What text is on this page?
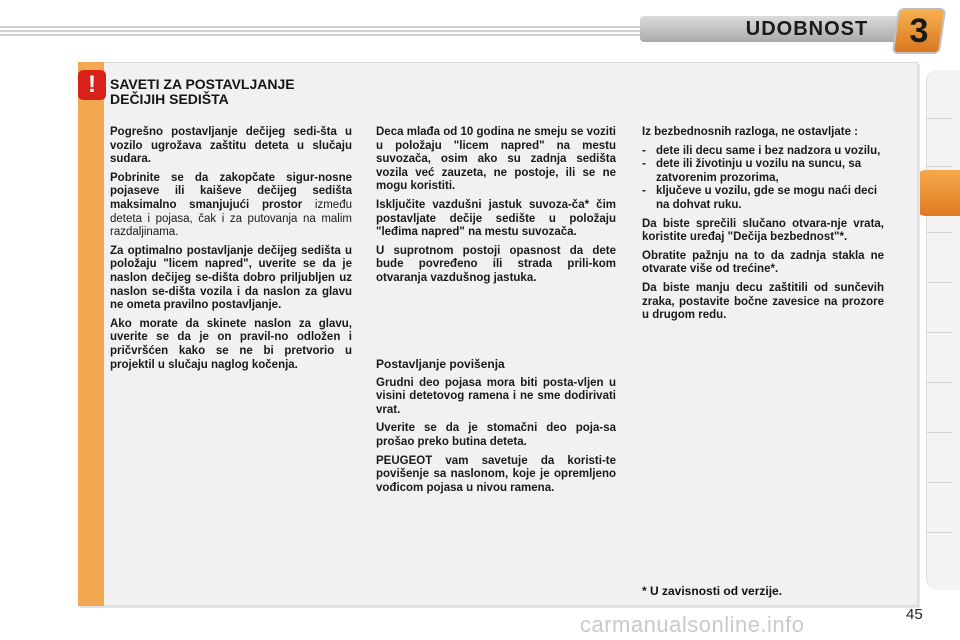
UDOBNOST	3
!	SAVETI ZA POSTAVLJANJE
DEČIJIH SEDIŠTA

Pogrešno postavljanje dečijeg sedi-šta u vozilo ugrožava zaštitu deteta u slučaju sudara.

Pobrinite se da zakopčate sigur-nosne pojaseve ili kaiševe dečijeg sedišta maksimalno smanjujući prostor između deteta i pojasa, čak i za putovanja na malim razdaljinama.

Za optimalno postavljanje dečijeg sedišta u položaju "licem napred", uverite se da je naslon dečijeg se-dišta dobro priljubljen uz naslon se-dišta vozila i da naslon za glavu ne ometa pravilno postavljanje.

Ako morate da skinete naslon za glavu, uverite se da je on pravil-no odložen i pričvršćen kako se ne bi pretvorio u projektil u slučaju naglog kočenja.

Deca mlađa od 10 godina ne smeju se voziti u položaju "licem napred" na mestu suvozača, osim ako su zadnja sedišta vozila već zauzeta, ne postoje, ili se ne mogu koristiti.

Isključite vazdušni jastuk suvoza-ča* čim postavljate dečije sedište u položaju "leđima napred" na mestu suvozača.

U suprotnom postoji opasnost da dete bude povređeno ili strada prili-kom otvaranja vazdušnog jastuka.

Postavljanje povišenja

Grudni deo pojasa mora biti posta-vljen u visini detetovog ramena i ne sme dodirivati vrat.

Uverite se da je stomačni deo poja-sa prošao preko butina deteta.

PEUGEOT vam savetuje da koristi-te povišenje sa naslonom, koje je opremljeno vođicom pojasa u nivou ramena.

Iz bezbednosnih razloga, ne ostavljate :

- dete ili decu same i bez nadzora u vozilu,
- dete ili životinju u vozilu na suncu, sa zatvorenim prozorima,
- ključeve u vozilu, gde se mogu naći deci na dohvat ruku.

Da biste sprečili slučano otvara-nje vrata, koristite uređaj "Dečija bezbednost"*.

Obratite pažnju na to da zadnja stakla ne otvarate više od trećine*.

Da biste manju decu zaštitili od sunčevih zraka, postavite bočne zavesice na prozore u drugom redu.

* U zavisnosti od verzije.
45
carmanualsonline.info
